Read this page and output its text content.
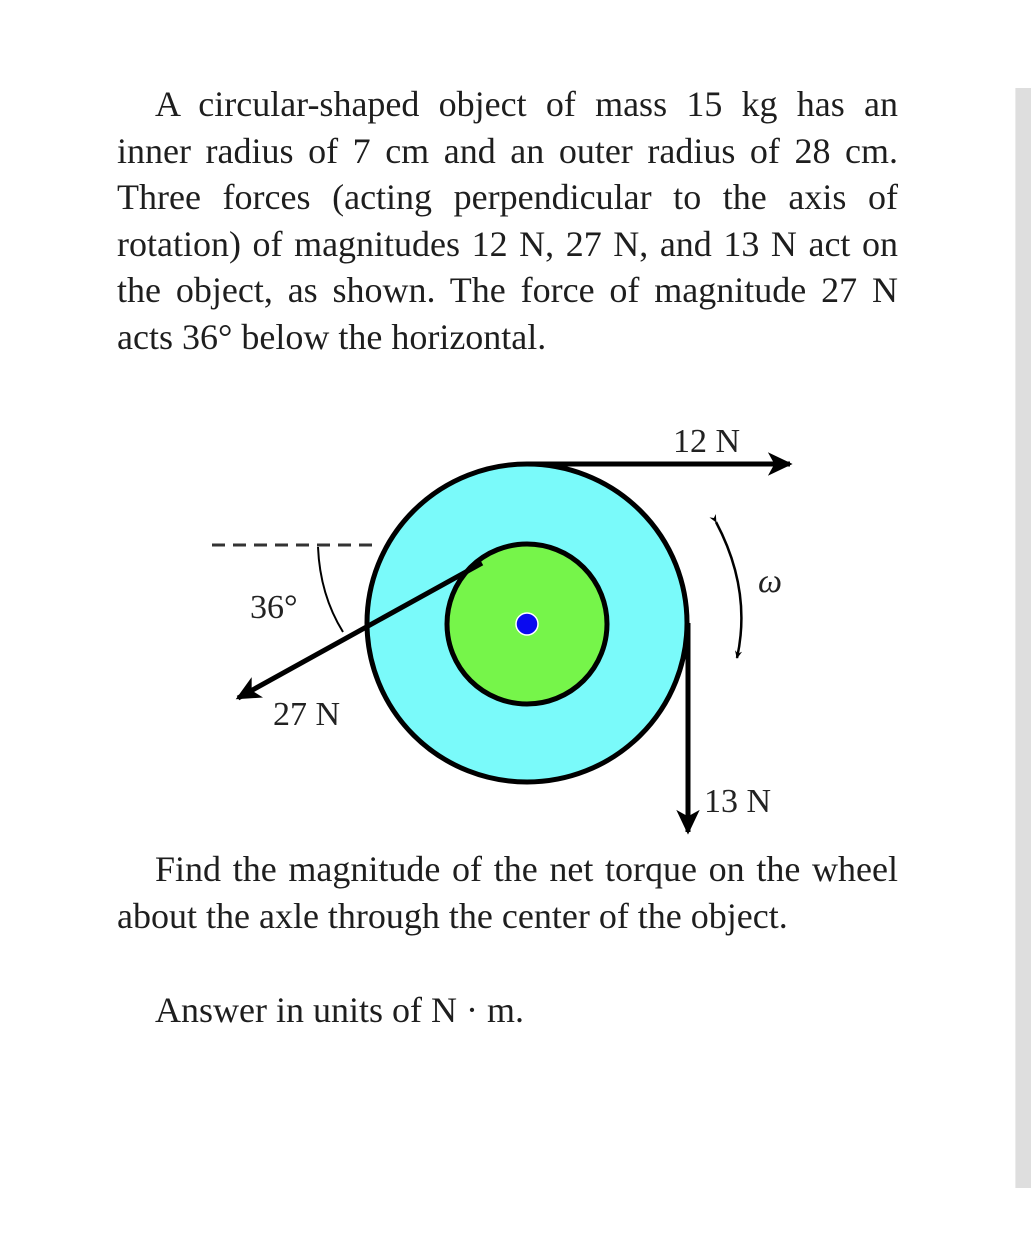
A circular-shaped object of mass 15 kg has an inner radius of 7 cm and an outer radius of 28 cm. Three forces (acting perpendicular to the axis of rotation) of magnitudes 12 N, 27 N, and 13 N act on the object, as shown. The force of magnitude 27 N acts 36° below the horizontal.

12 N
36°
27 N
13 N
ω

Find the magnitude of the net torque on the wheel about the axle through the center of the object.

Answer in units of N · m.
